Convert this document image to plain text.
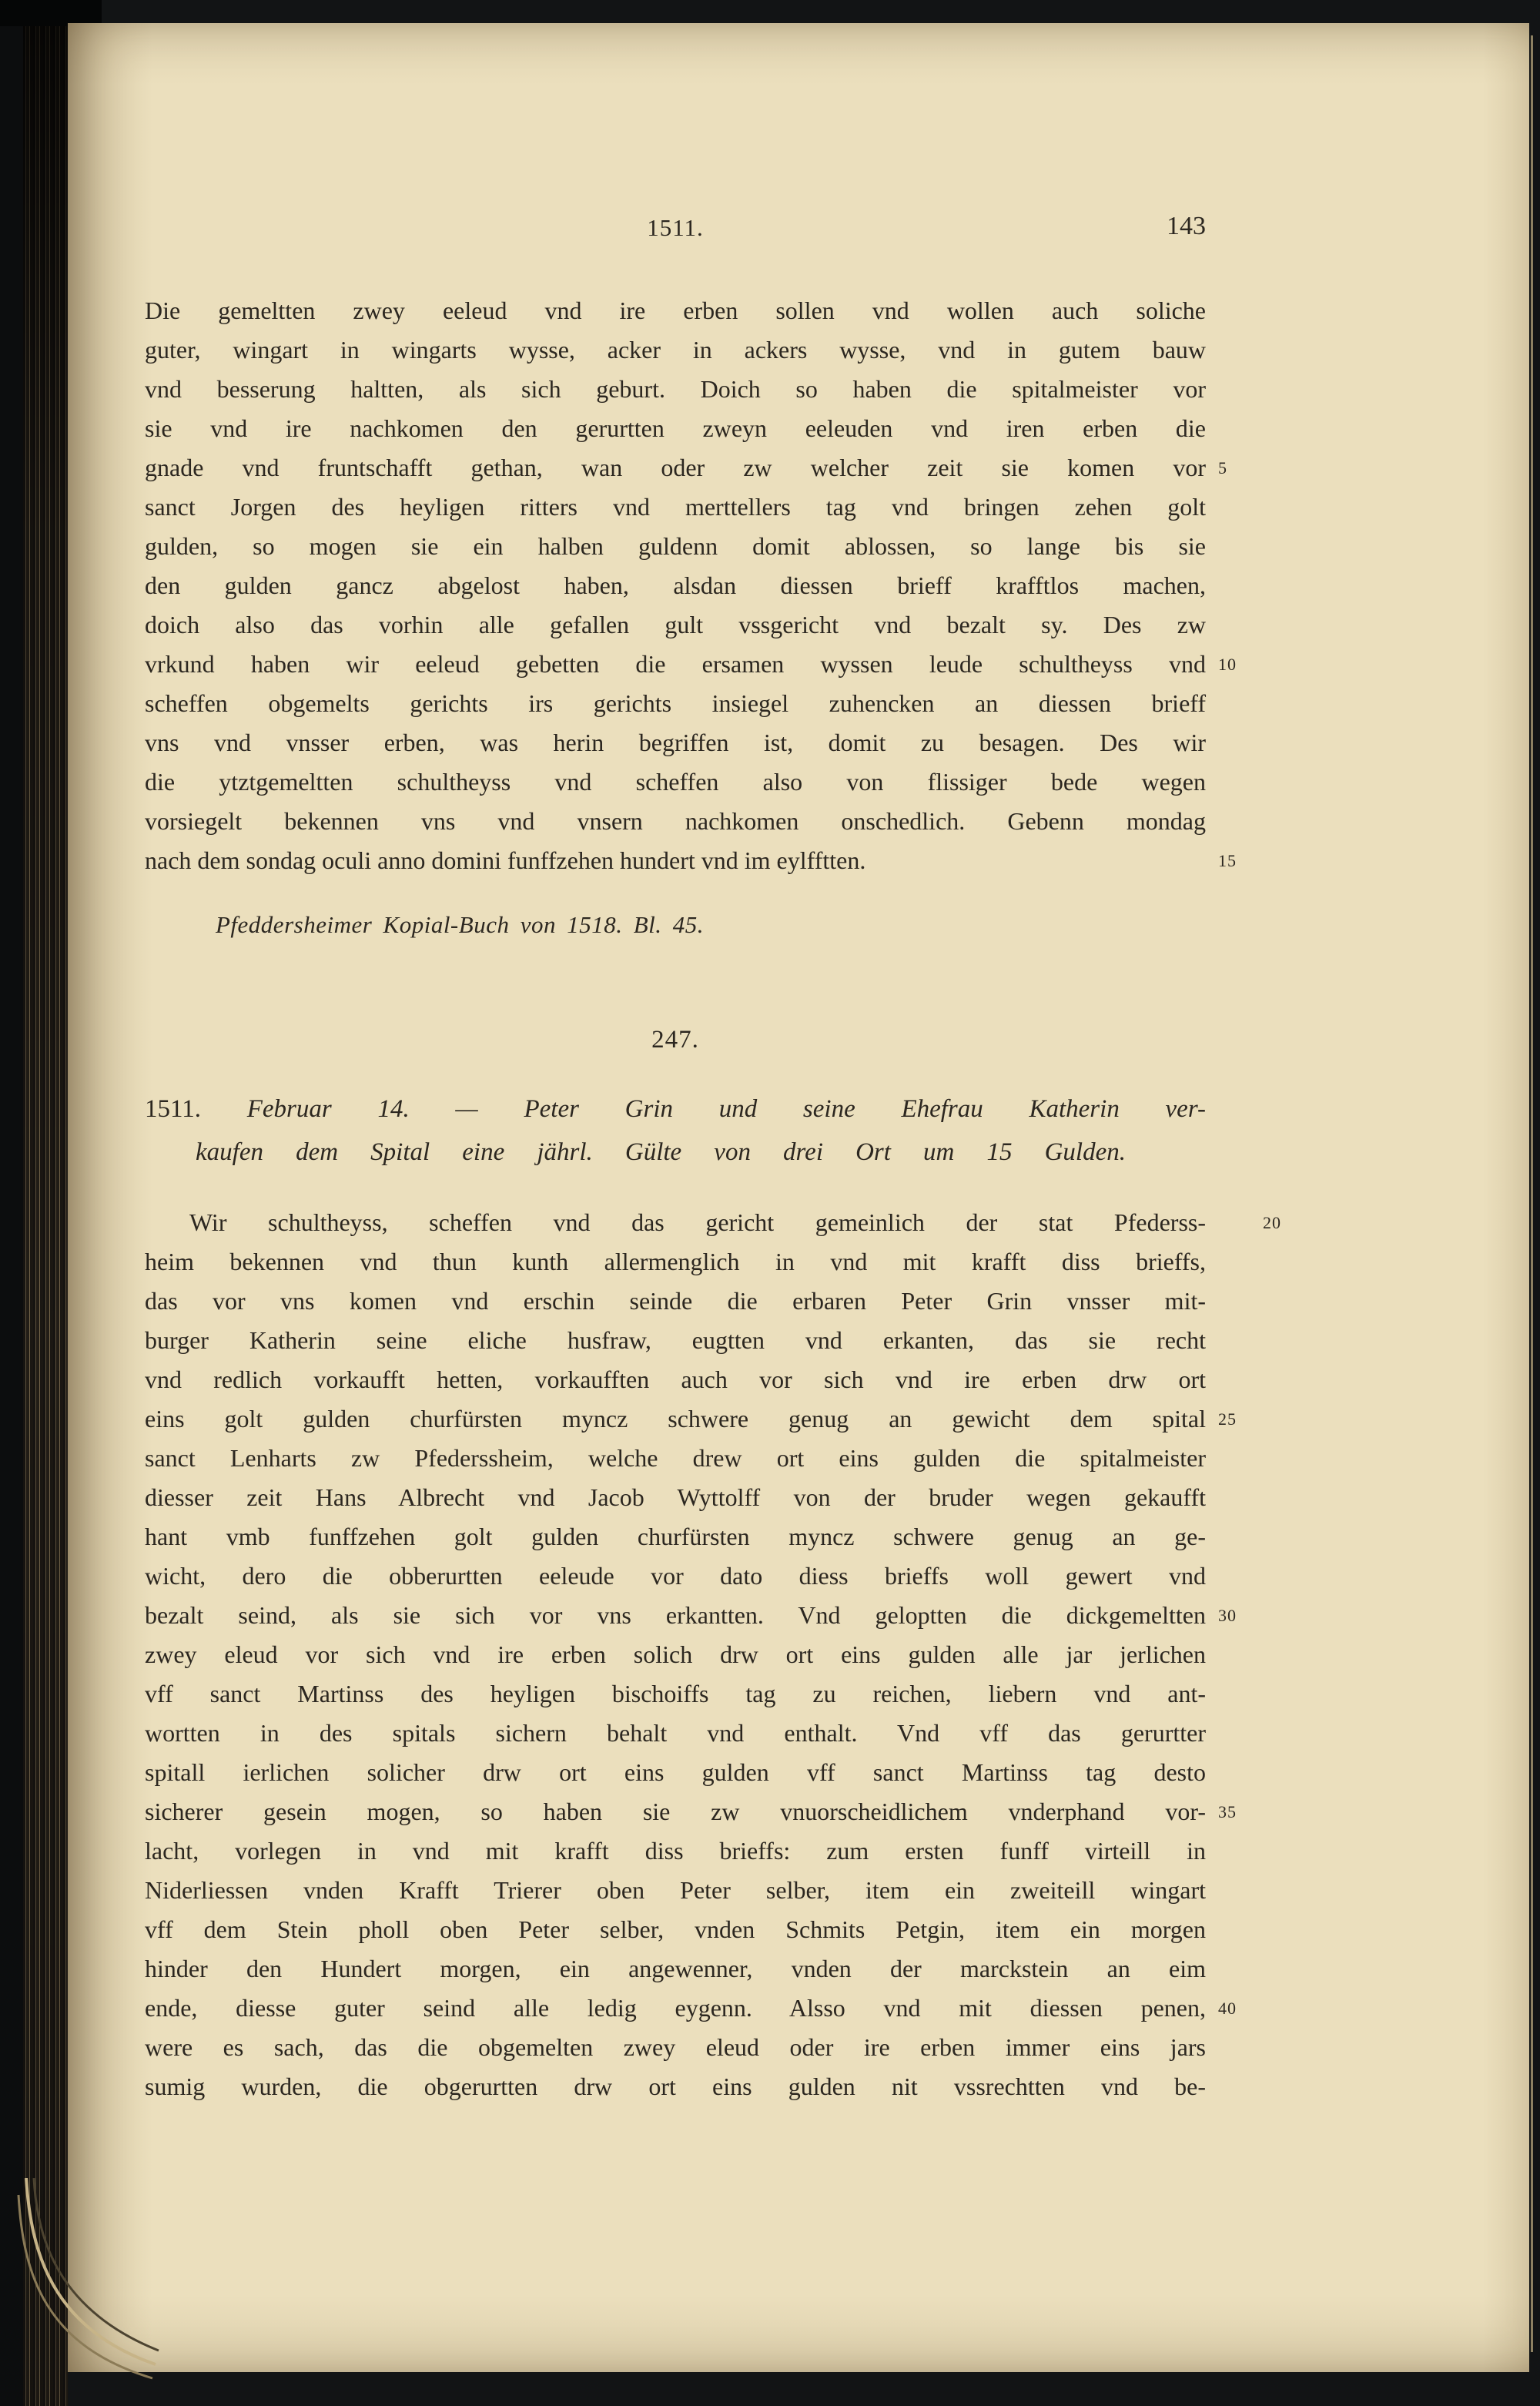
1511.	143
Die gemeltten zwey eeleud vnd ire erben sollen vnd wollen auch soliche
guter, wingart in wingarts wysse, acker in ackers wysse, vnd in gutem bauw
vnd besserung haltten, als sich geburt. Doich so haben die spitalmeister vor
sie vnd ire nachkomen den gerurtten zweyn eeleuden vnd iren erben die
gnade vnd fruntschafft gethan, wan oder zw welcher zeit sie komen vor 5
sanct Jorgen des heyligen ritters vnd merttellers tag vnd bringen zehen golt
gulden, so mogen sie ein halben guldenn domit ablossen, so lange bis sie
den gulden gancz abgelost haben, alsdan diessen brieff krafftlos machen,
doich also das vorhin alle gefallen gult vssgericht vnd bezalt sy. Des zw
vrkund haben wir eeleud gebetten die ersamen wyssen leude schultheyss vnd 10
scheffen obgemelts gerichts irs gerichts insiegel zuhencken an diessen brieff
vns vnd vnsser erben, was herin begriffen ist, domit zu besagen. Des wir
die ytztgemeltten schultheyss vnd scheffen also von flissiger bede wegen
vorsiegelt bekennen vns vnd vnsern nachkomen onschedlich. Gebenn mondag
nach dem sondag oculi anno domini funffzehen hundert vnd im eylfftten.	15
Pfeddersheimer Kopial-Buch von 1518. Bl. 45.
247.
1511. Februar 14. — Peter Grin und seine Ehefrau Katherin ver-
kaufen dem Spital eine jährl. Gülte von drei Ort um 15 Gulden.
Wir schultheyss, scheffen vnd das gericht gemeinlich der stat Pfederss-	20
heim bekennen vnd thun kunth allermenglich in vnd mit krafft diss brieffs,
das vor vns komen vnd erschin seinde die erbaren Peter Grin vnsser mit-
burger Katherin seine eliche husfraw, eugtten vnd erkanten, das sie recht
vnd redlich vorkaufft hetten, vorkaufften auch vor sich vnd ire erben drw ort
eins golt gulden churfürsten myncz schwere genug an gewicht dem spital 25
sanct Lenharts zw Pfederssheim, welche drew ort eins gulden die spitalmeister
diesser zeit Hans Albrecht vnd Jacob Wyttolff von der bruder wegen gekaufft
hant vmb funffzehen golt gulden churfürsten myncz schwere genug an ge-
wicht, dero die obberurtten eeleude vor dato diess brieffs woll gewert vnd
bezalt seind, als sie sich vor vns erkantten. Vnd geloptten die dickgemeltten 30
zwey eleud vor sich vnd ire erben solich drw ort eins gulden alle jar jerlichen
vff sanct Martinss des heyligen bischoiffs tag zu reichen, liebern vnd ant-
wortten in des spitals sichern behalt vnd enthalt. Vnd vff das gerurtter
spitall ierlichen solicher drw ort eins gulden vff sanct Martinss tag desto
sicherer gesein mogen, so haben sie zw vnuorscheidlichem vnderphand vor- 35
lacht, vorlegen in vnd mit krafft diss brieffs: zum ersten funff virteill in
Niderliessen vnden Krafft Trierer oben Peter selber, item ein zweiteill wingart
vff dem Stein pholl oben Peter selber, vnden Schmits Petgin, item ein morgen
hinder den Hundert morgen, ein angewenner, vnden der marckstein an eim
ende, diesse guter seind alle ledig eygenn. Alsso vnd mit diessen penen, 40
were es sach, das die obgemelten zwey eleud oder ire erben immer eins jars
sumig wurden, die obgerurtten drw ort eins gulden nit vssrechtten vnd be-
